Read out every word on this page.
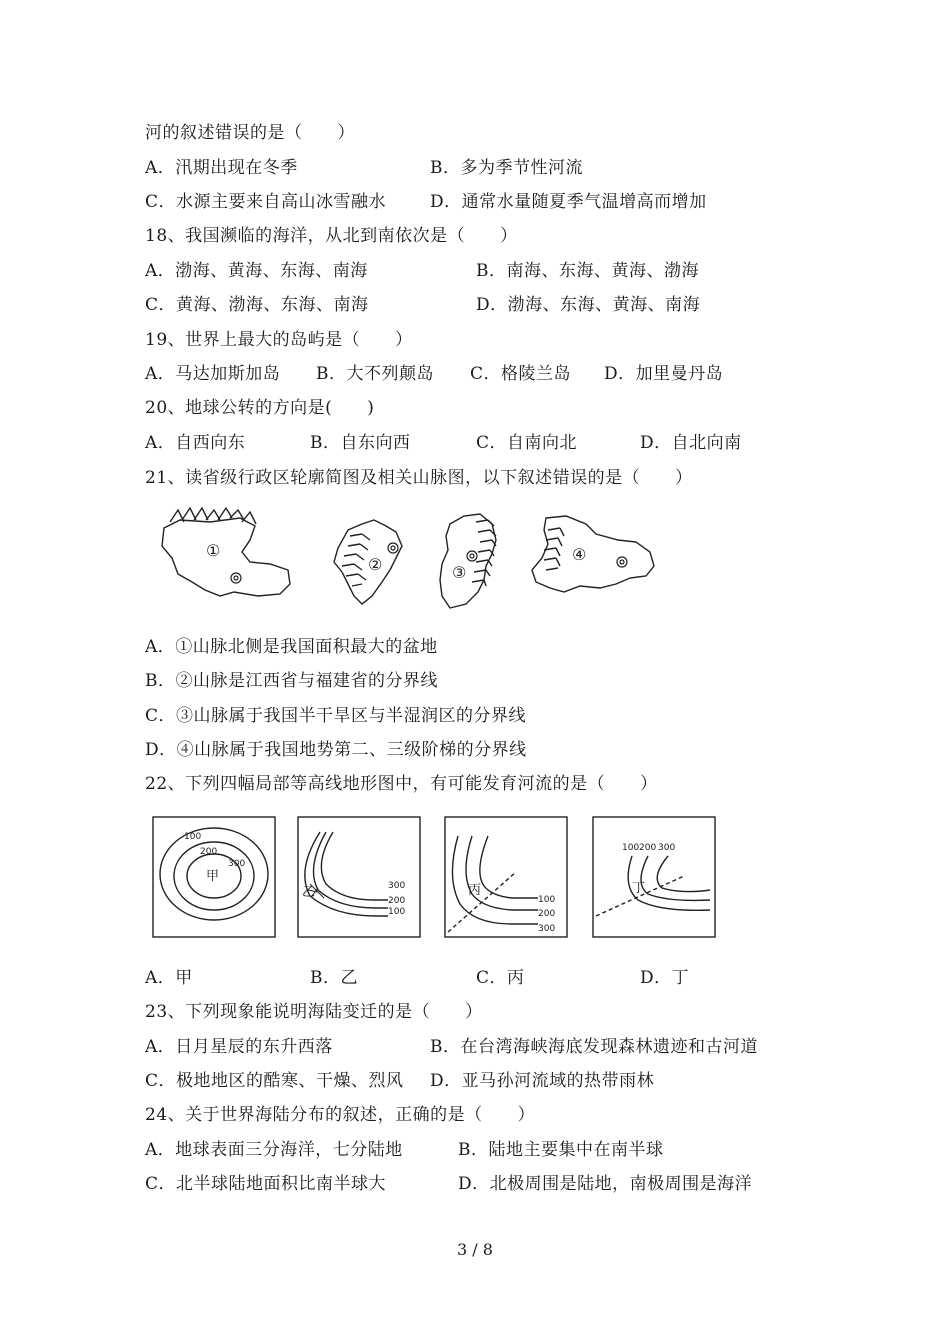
河的叙述错误的是（　　）
A．汛期出现在冬季	B．多为季节性河流
C．水源主要来自高山冰雪融水	D．通常水量随夏季气温增高而增加
18、我国濒临的海洋，从北到南依次是（　　）
A．渤海、黄海、东海、南海	B．南海、东海、黄海、渤海
C．黄海、渤海、东海、南海	D．渤海、东海、黄海、南海
19、世界上最大的岛屿是（　　）
A．马达加斯加岛 B．大不列颠岛 C．格陵兰岛 D．加里曼丹岛
20、地球公转的方向是(　　)
A．自西向东	B．自东向西	C．自南向北	D．自北向南
21、读省级行政区轮廓简图及相关山脉图，以下叙述错误的是（　　）
①
②	③
④
A．①山脉北侧是我国面积最大的盆地
B．②山脉是江西省与福建省的分界线
C．③山脉属于我国半干旱区与半湿润区的分界线
D．④山脉属于我国地势第二、三级阶梯的分界线
22、下列四幅局部等高线地形图中，有可能发育河流的是（　　）
100
200
300
300
200
100
100
200
300
100 200 300
甲
乙	丙	丁
A．甲	B．乙	C．丙	D．丁
23、下列现象能说明海陆变迁的是（　　）
A．日月星辰的东升西落	B．在台湾海峡海底发现森林遗迹和古河道
C．极地地区的酷寒、干燥、烈风 D．亚马孙河流域的热带雨林
24、关于世界海陆分布的叙述，正确的是（　　）
A．地球表面三分海洋，七分陆地	B．陆地主要集中在南半球
C．北半球陆地面积比南半球大	D．北极周围是陆地，南极周围是海洋
3 / 8
